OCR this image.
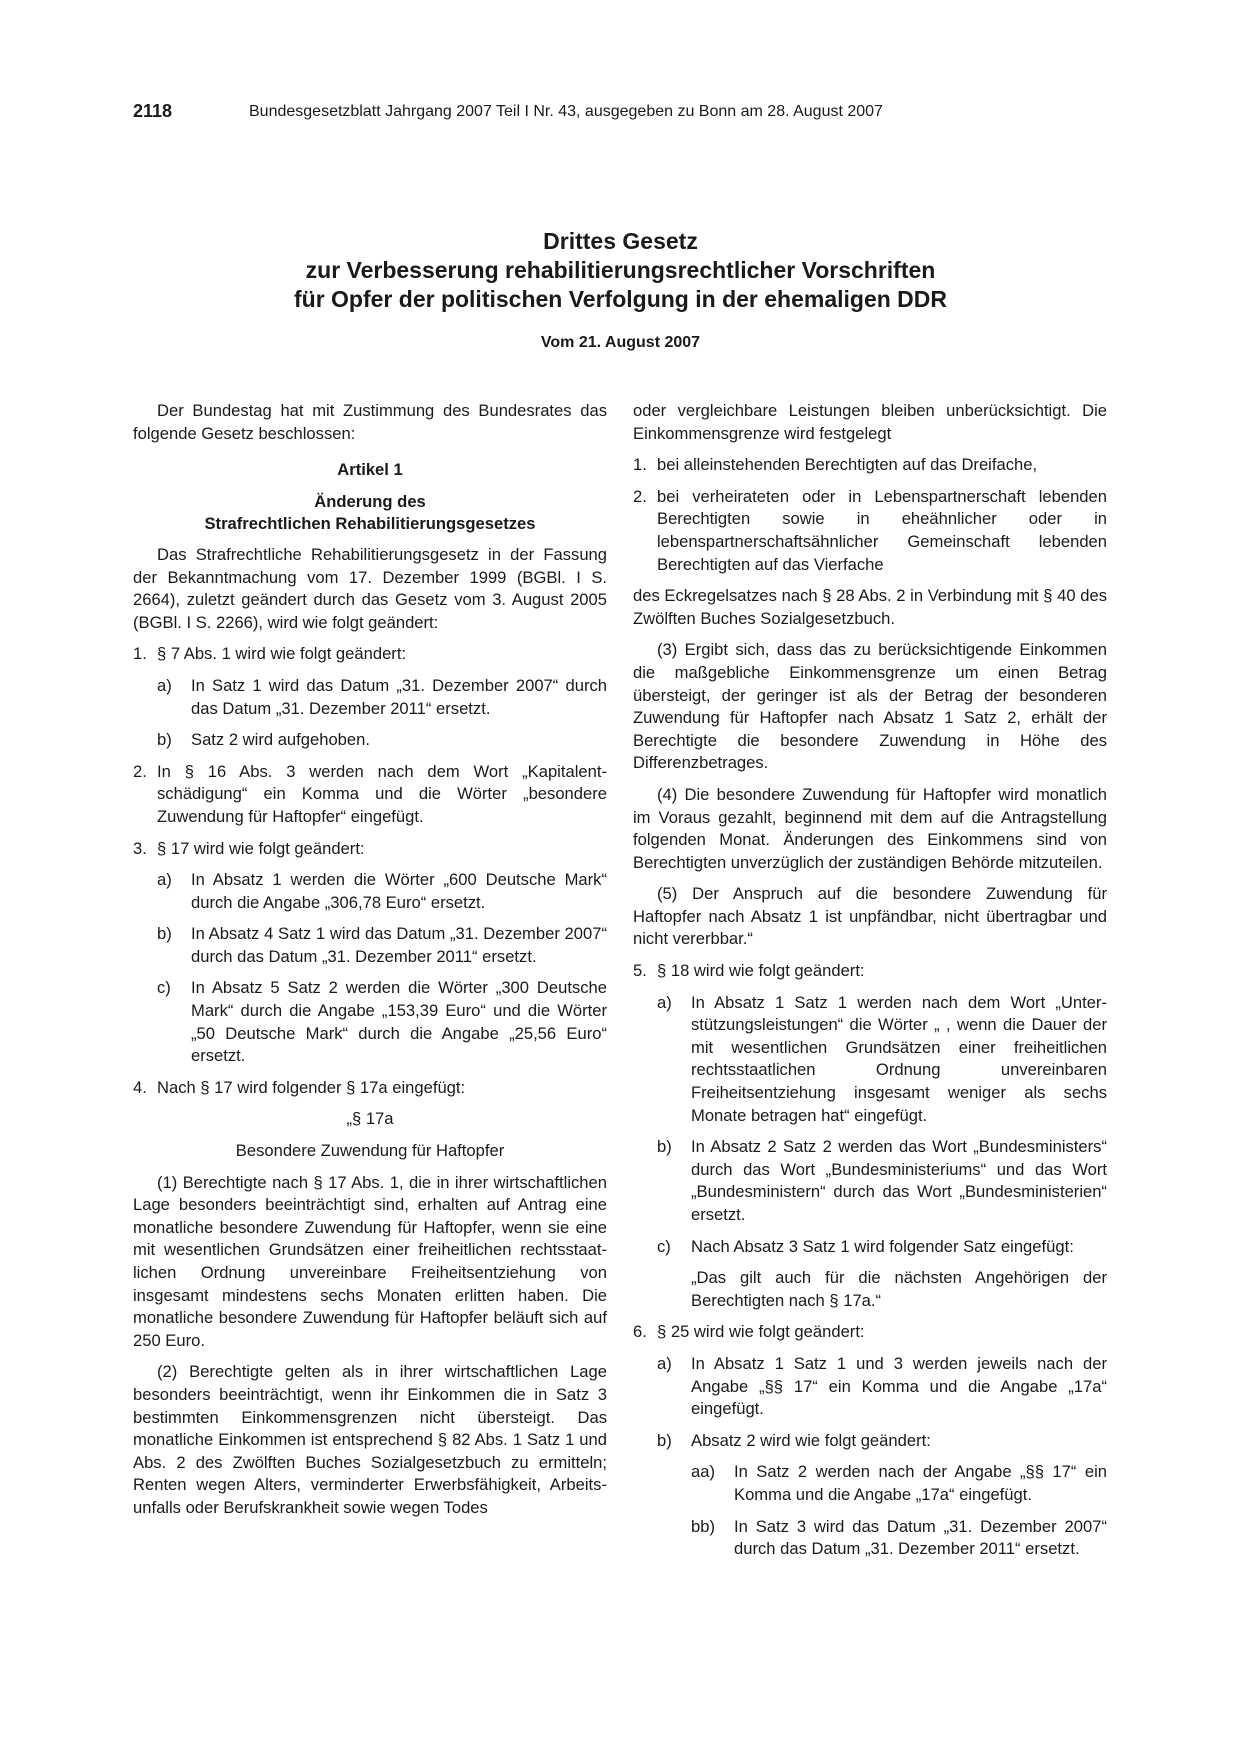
2118	Bundesgesetzblatt Jahrgang 2007 Teil I Nr. 43, ausgegeben zu Bonn am 28. August 2007
Drittes Gesetz
zur Verbesserung rehabilitierungsrechtlicher Vorschriften
für Opfer der politischen Verfolgung in der ehemaligen DDR
Vom 21. August 2007

Der Bundestag hat mit Zustimmung des Bundesrates das folgende Gesetz beschlossen:

Artikel 1
Änderung des
Strafrechtlichen Rehabilitierungsgesetzes

Das Strafrechtliche Rehabilitierungsgesetz in der Fassung der Bekanntmachung vom 17. Dezember 1999 (BGBl. I S. 2664), zuletzt geändert durch das Gesetz vom 3. August 2005 (BGBl. I S. 2266), wird wie folgt geändert:

1. § 7 Abs. 1 wird wie folgt geändert:
a) In Satz 1 wird das Datum „31. Dezember 2007“ durch das Datum „31. Dezember 2011“ ersetzt.
b) Satz 2 wird aufgehoben.
2. In § 16 Abs. 3 werden nach dem Wort „Kapitalentschädigung“ ein Komma und die Wörter „besondere Zuwendung für Haftopfer“ eingefügt.
3. § 17 wird wie folgt geändert:
a) In Absatz 1 werden die Wörter „600 Deutsche Mark“ durch die Angabe „306,78 Euro“ ersetzt.
b) In Absatz 4 Satz 1 wird das Datum „31. Dezember 2007“ durch das Datum „31. Dezember 2011“ ersetzt.
c) In Absatz 5 Satz 2 werden die Wörter „300 Deutsche Mark“ durch die Angabe „153,39 Euro“ und die Wörter „50 Deutsche Mark“ durch die Angabe „25,56 Euro“ ersetzt.
4. Nach § 17 wird folgender § 17a eingefügt:
„§ 17a
Besondere Zuwendung für Haftopfer

(1) Berechtigte nach § 17 Abs. 1, die in ihrer wirtschaftlichen Lage besonders beeinträchtigt sind, erhalten auf Antrag eine monatliche besondere Zuwendung für Haftopfer, wenn sie eine mit wesentlichen Grundsätzen einer freiheitlichen rechtsstaatlichen Ordnung unvereinbare Freiheitsentziehung von insgesamt mindestens sechs Monaten erlitten haben. Die monatliche besondere Zuwendung für Haftopfer beläuft sich auf 250 Euro.

(2) Berechtigte gelten als in ihrer wirtschaftlichen Lage besonders beeinträchtigt, wenn ihr Einkommen die in Satz 3 bestimmten Einkommensgrenzen nicht übersteigt. Das monatliche Einkommen ist entsprechend § 82 Abs. 1 Satz 1 und Abs. 2 des Zwölften Buches Sozialgesetzbuch zu ermitteln; Renten wegen Alters, verminderter Erwerbsfähigkeit, Arbeitsunfalls oder Berufskrankheit sowie wegen Todes

oder vergleichbare Leistungen bleiben unberücksichtigt. Die Einkommensgrenze wird festgelegt

1. bei alleinstehenden Berechtigten auf das Dreifache,
2. bei verheirateten oder in Lebenspartnerschaft lebenden Berechtigten sowie in eheähnlicher oder in lebenspartnerschaftsähnlicher Gemeinschaft lebenden Berechtigten auf das Vierfache

des Eckregelsatzes nach § 28 Abs. 2 in Verbindung mit § 40 des Zwölften Buches Sozialgesetzbuch.

(3) Ergibt sich, dass das zu berücksichtigende Einkommen die maßgebliche Einkommensgrenze um einen Betrag übersteigt, der geringer ist als der Betrag der besonderen Zuwendung für Haftopfer nach Absatz 1 Satz 2, erhält der Berechtigte die besondere Zuwendung in Höhe des Differenzbetrages.

(4) Die besondere Zuwendung für Haftopfer wird monatlich im Voraus gezahlt, beginnend mit dem auf die Antragstellung folgenden Monat. Änderungen des Einkommens sind von Berechtigten unverzüglich der zuständigen Behörde mitzuteilen.

(5) Der Anspruch auf die besondere Zuwendung für Haftopfer nach Absatz 1 ist unpfändbar, nicht übertragbar und nicht vererbbar.“

5. § 18 wird wie folgt geändert:
a) In Absatz 1 Satz 1 werden nach dem Wort „Unterstützungsleistungen“ die Wörter „ , wenn die Dauer der mit wesentlichen Grundsätzen einer freiheitlichen rechtsstaatlichen Ordnung unvereinbaren Freiheitsentziehung insgesamt weniger als sechs Monate betragen hat“ eingefügt.
b) In Absatz 2 Satz 2 werden das Wort „Bundesministers“ durch das Wort „Bundesministeriums“ und das Wort „Bundesministern“ durch das Wort „Bundesministerien“ ersetzt.
c) Nach Absatz 3 Satz 1 wird folgender Satz eingefügt:

„Das gilt auch für die nächsten Angehörigen der Berechtigten nach § 17a.“

6. § 25 wird wie folgt geändert:
a) In Absatz 1 Satz 1 und 3 werden jeweils nach der Angabe „§§ 17“ ein Komma und die Angabe „17a“ eingefügt.
b) Absatz 2 wird wie folgt geändert:
aa) In Satz 2 werden nach der Angabe „§§ 17“ ein Komma und die Angabe „17a“ eingefügt.
bb) In Satz 3 wird das Datum „31. Dezember 2007“ durch das Datum „31. Dezember 2011“ ersetzt.
